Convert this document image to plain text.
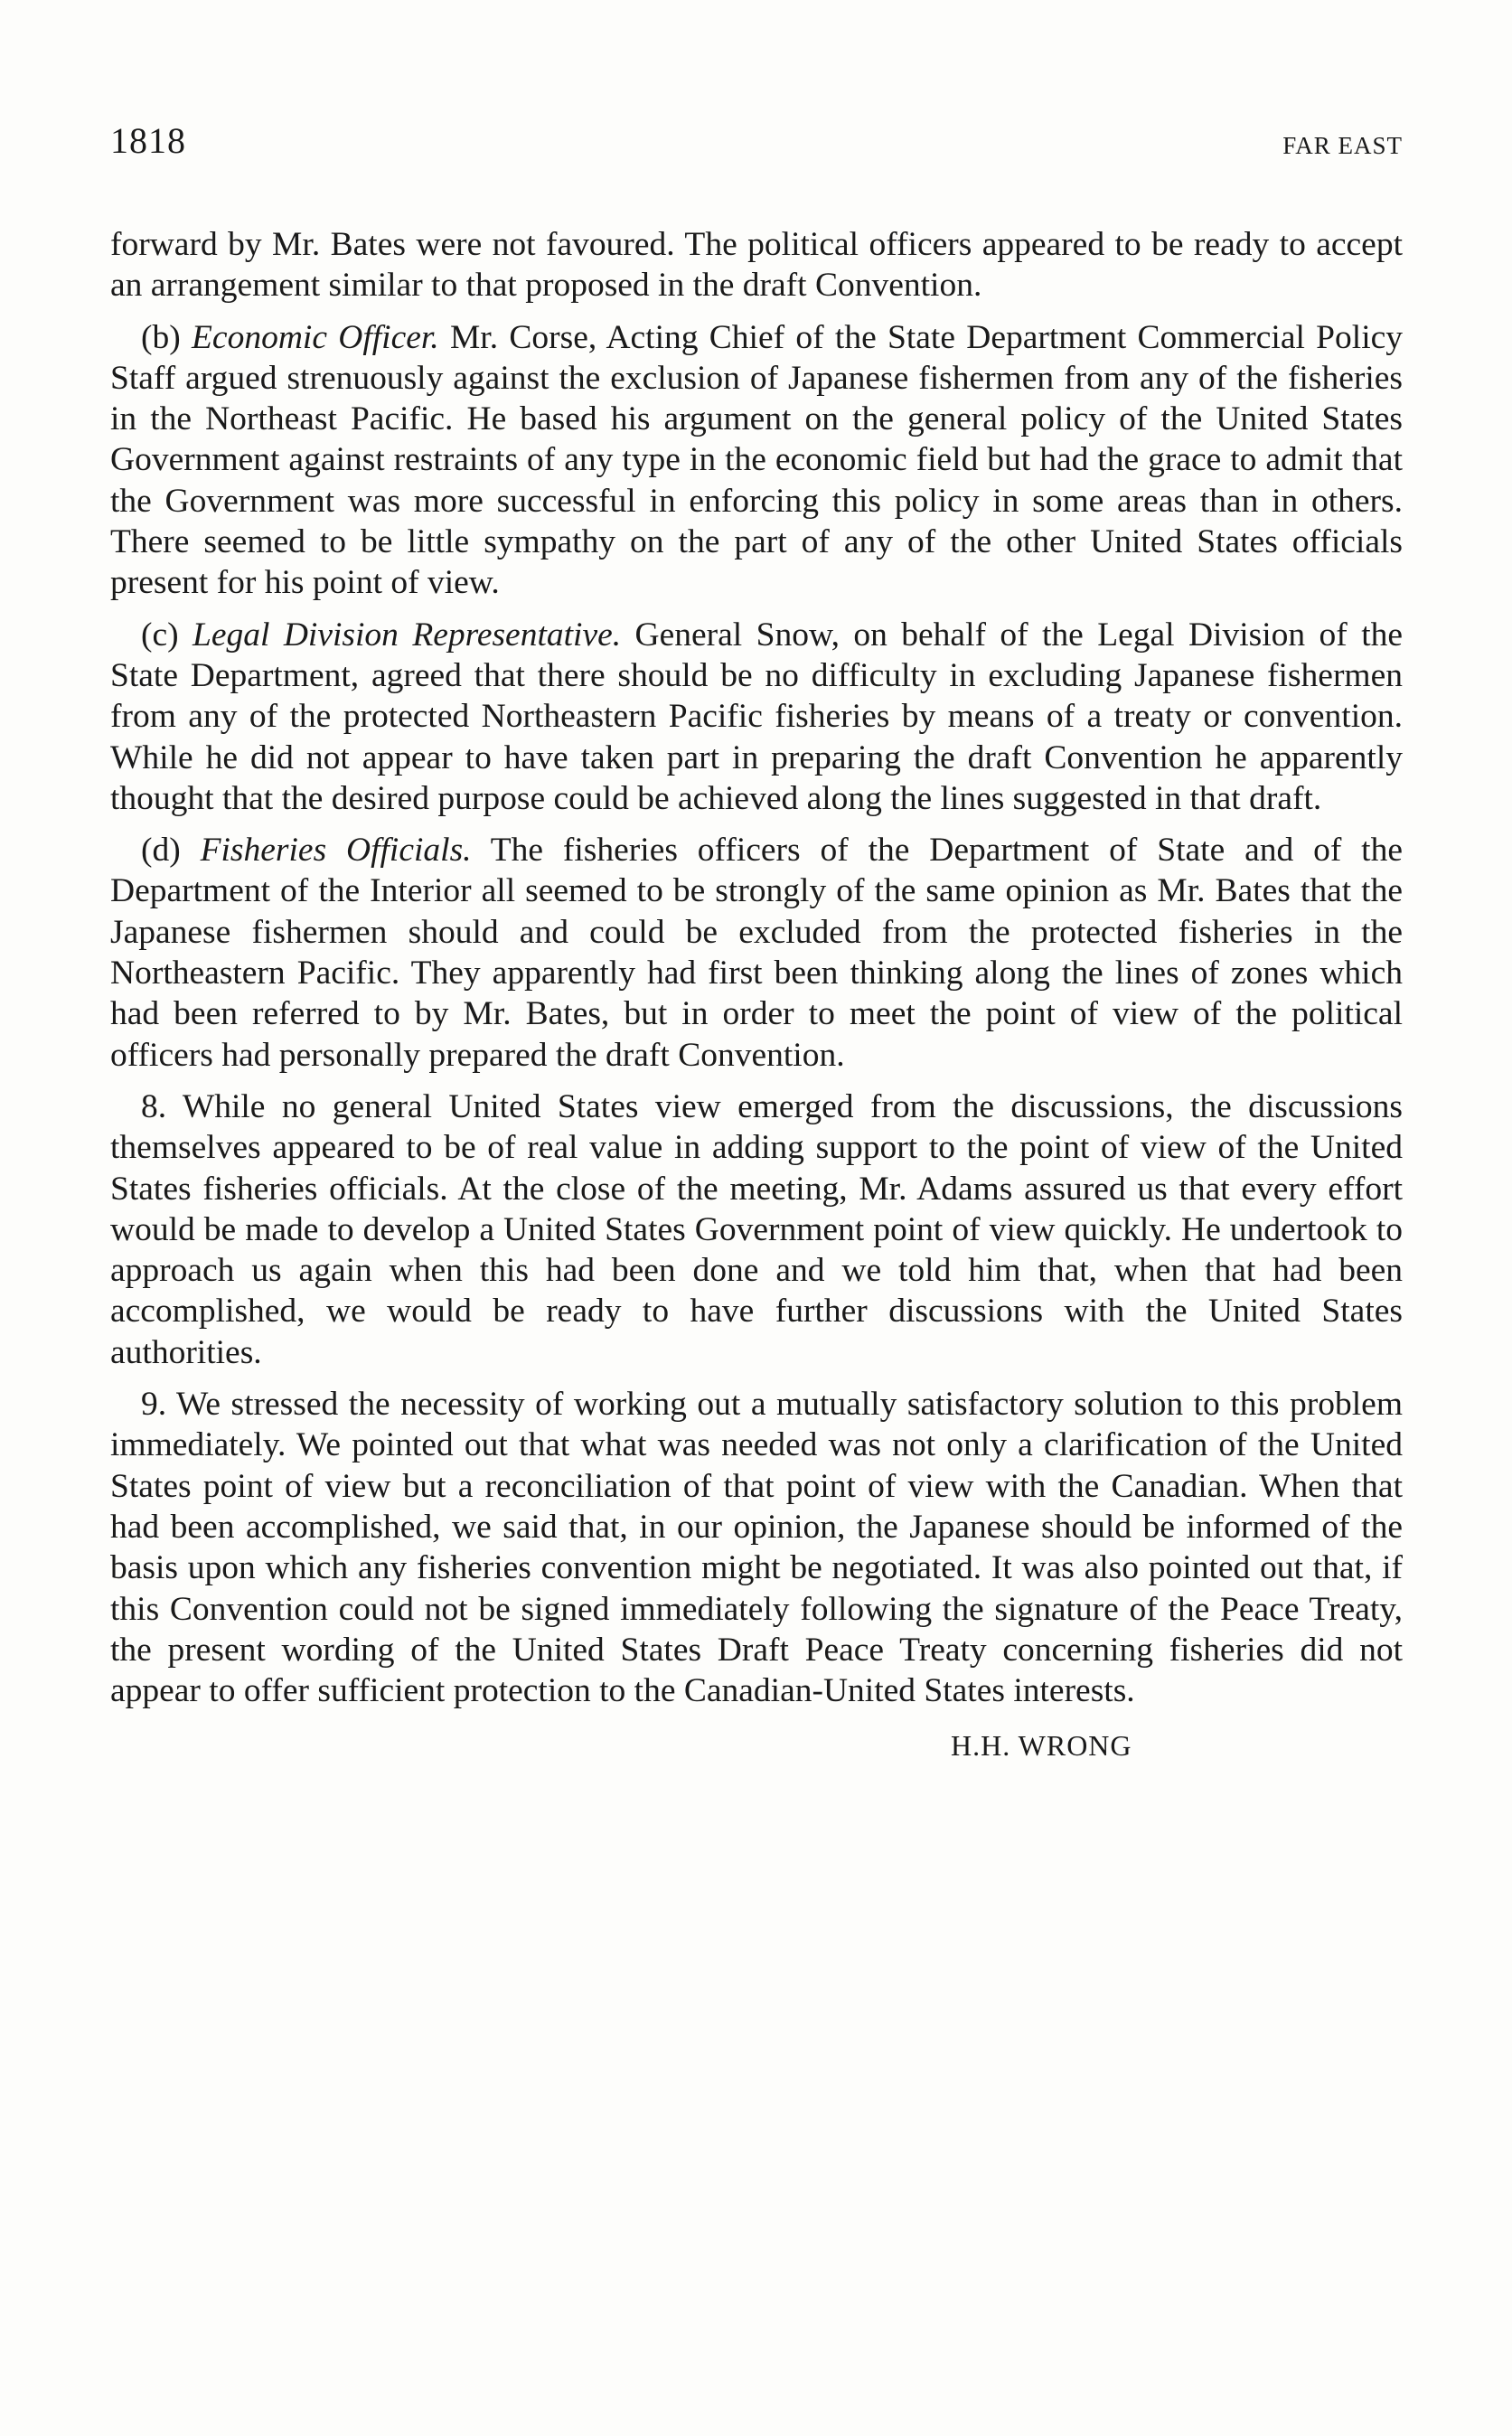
1818	FAR EAST

forward by Mr. Bates were not favoured. The political officers appeared to be ready to accept an arrangement similar to that proposed in the draft Convention.

(b) Economic Officer. Mr. Corse, Acting Chief of the State Department Commercial Policy Staff argued strenuously against the exclusion of Japanese fishermen from any of the fisheries in the Northeast Pacific. He based his argument on the general policy of the United States Government against restraints of any type in the economic field but had the grace to admit that the Government was more successful in enforcing this policy in some areas than in others. There seemed to be little sympathy on the part of any of the other United States officials present for his point of view.

(c) Legal Division Representative. General Snow, on behalf of the Legal Division of the State Department, agreed that there should be no difficulty in excluding Japanese fishermen from any of the protected Northeastern Pacific fisheries by means of a treaty or convention. While he did not appear to have taken part in preparing the draft Convention he apparently thought that the desired purpose could be achieved along the lines suggested in that draft.

(d) Fisheries Officials. The fisheries officers of the Department of State and of the Department of the Interior all seemed to be strongly of the same opinion as Mr. Bates that the Japanese fishermen should and could be excluded from the protected fisheries in the Northeastern Pacific. They apparently had first been thinking along the lines of zones which had been referred to by Mr. Bates, but in order to meet the point of view of the political officers had personally prepared the draft Convention.

8. While no general United States view emerged from the discussions, the discussions themselves appeared to be of real value in adding support to the point of view of the United States fisheries officials. At the close of the meeting, Mr. Adams assured us that every effort would be made to develop a United States Government point of view quickly. He undertook to approach us again when this had been done and we told him that, when that had been accomplished, we would be ready to have further discussions with the United States authorities.

9. We stressed the necessity of working out a mutually satisfactory solution to this problem immediately. We pointed out that what was needed was not only a clarification of the United States point of view but a reconciliation of that point of view with the Canadian. When that had been accomplished, we said that, in our opinion, the Japanese should be informed of the basis upon which any fisheries convention might be negotiated. It was also pointed out that, if this Convention could not be signed immediately following the signature of the Peace Treaty, the present wording of the United States Draft Peace Treaty concerning fisheries did not appear to offer sufficient protection to the Canadian-United States interests.

H.H. WRONG
